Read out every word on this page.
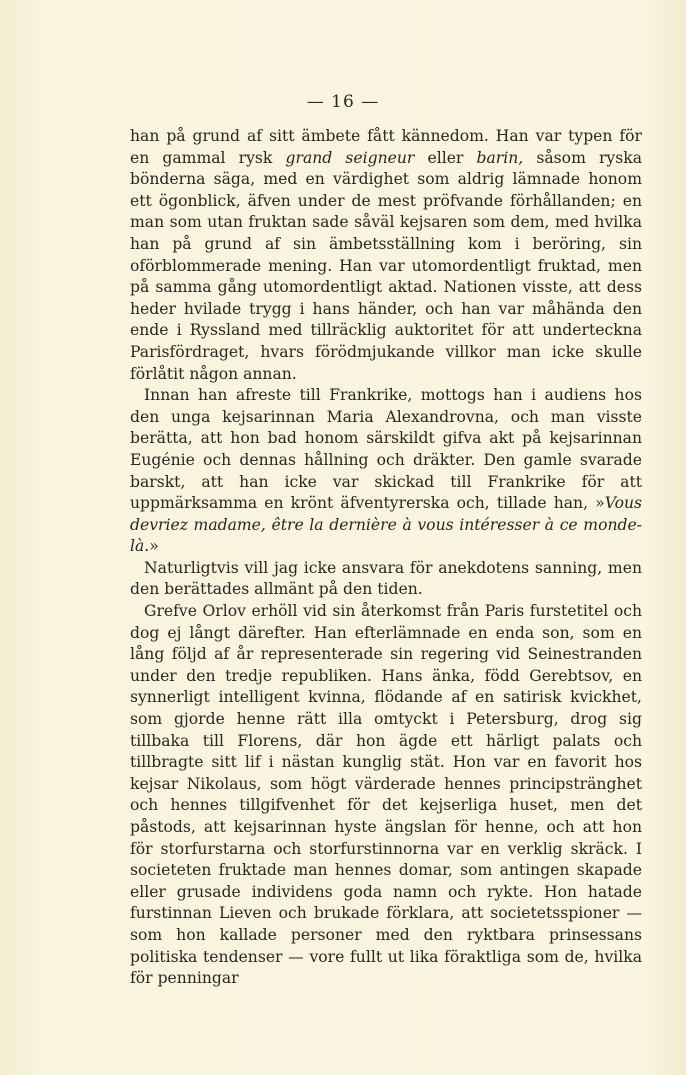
— 16 —

han på grund af sitt ämbete fått kännedom. Han var typen för en gammal rysk grand seigneur eller barin, såsom ryska bönderna säga, med en värdighet som aldrig lämnade honom ett ögonblick, äfven under de mest pröfvande förhållanden; en man som utan fruktan sade såväl kejsaren som dem, med hvilka han på grund af sin ämbetsställning kom i beröring, sin oförblommerade mening. Han var utomordentligt fruktad, men på samma gång utomordentligt aktad. Nationen visste, att dess heder hvilade trygg i hans händer, och han var måhända den ende i Ryssland med tillräcklig auktoritet för att underteckna Parisfördraget, hvars förödmjukande villkor man icke skulle förlåtit någon annan.

Innan han afreste till Frankrike, mottogs han i audiens hos den unga kejsarinnan Maria Alexandrovna, och man visste berätta, att hon bad honom särskildt gifva akt på kejsarinnan Eugénie och dennas hållning och dräkter. Den gamle svarade barskt, att han icke var skickad till Frankrike för att uppmärksamma en krönt äfventyrerska och, tillade han, »Vous devriez madame, être la dernière à vous intéresser à ce monde-là.»

Naturligtvis vill jag icke ansvara för anekdotens sanning, men den berättades allmänt på den tiden.

Grefve Orlov erhöll vid sin återkomst från Paris furstetitel och dog ej långt därefter. Han efterlämnade en enda son, som en lång följd af år representerade sin regering vid Seinestranden under den tredje republiken. Hans änka, född Gerebtsov, en synnerligt intelligent kvinna, flödande af en satirisk kvickhet, som gjorde henne rätt illa omtyckt i Petersburg, drog sig tillbaka till Florens, där hon ägde ett härligt palats och tillbragte sitt lif i nästan kunglig stät. Hon var en favorit hos kejsar Nikolaus, som högt värderade hennes principstränghet och hennes tillgifvenhet för det kejserliga huset, men det påstods, att kejsarinnan hyste ängslan för henne, och att hon för storfurstarna och storfurstinnorna var en verklig skräck. I societeten fruktade man hennes domar, som antingen skapade eller grusade individens goda namn och rykte. Hon hatade furstinnan Lieven och brukade förklara, att societetsspioner — som hon kallade personer med den ryktbara prinsessans politiska tendenser — vore fullt ut lika föraktliga som de, hvilka för penningar
